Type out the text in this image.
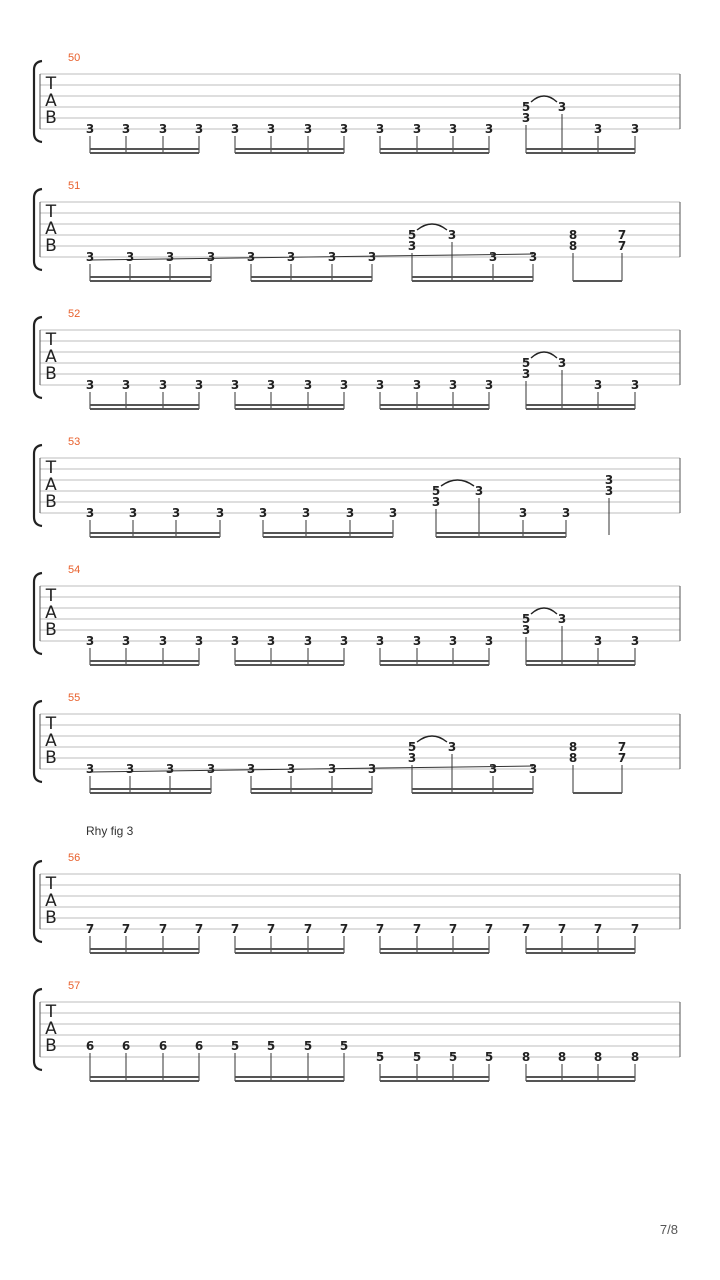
50
T
A
B
3 3 3 3 3 3 3 3 3 3 3 3
5
3
3
3 3
51
T
A
B
3	3	3	3	3	3	3	3
5
3
3
3	3
8
8
7
7
52
T
A
B
3 3 3 3 3 3 3 3 3 3 3 3
5
3
3
3 3
53
T
A
B
3	3	3	3	3	3	3	3
5
3
3
3	3
3
3
54
T
A
B
3 3 3 3 3 3 3 3 3 3 3 3
5
3
3
3 3
55
T
A
B
3	3	3	3	3	3	3	3
5
3
3
3	3
8
8
7
7
Rhy fig 3
56
T
A
B
7 7 7 7 7 7 7 7 7 7 7 7 7 7 7 7
57
T
A
B 6 6 6 6 5 5 5 5
5 5 5 5 8 8 8 8
7/8
